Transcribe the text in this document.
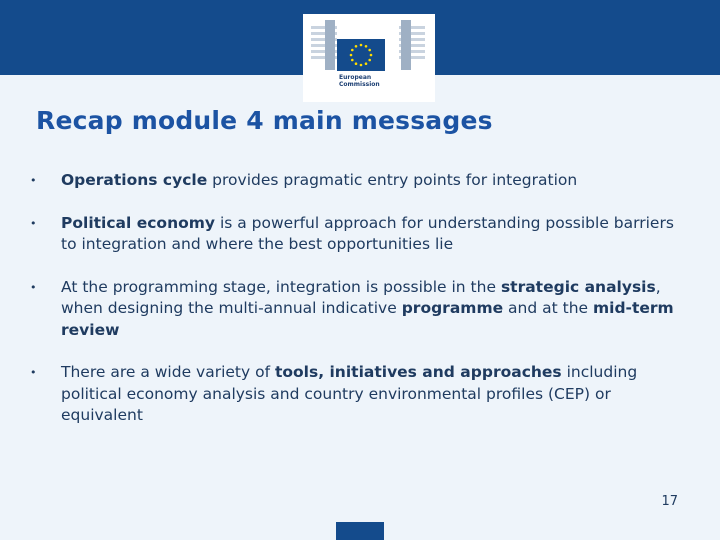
European
Commission
Recap module 4 main messages
• Operations cycle provides pragmatic entry points for integration
• Political economy is a powerful approach for understanding possible barriers to integration and where the best opportunities lie
• At the programming stage, integration is possible in the strategic analysis, when designing the multi-annual indicative programme and at the mid-term review
• There are a wide variety of tools, initiatives and approaches including political economy analysis and country environmental profiles (CEP) or equivalent
17
